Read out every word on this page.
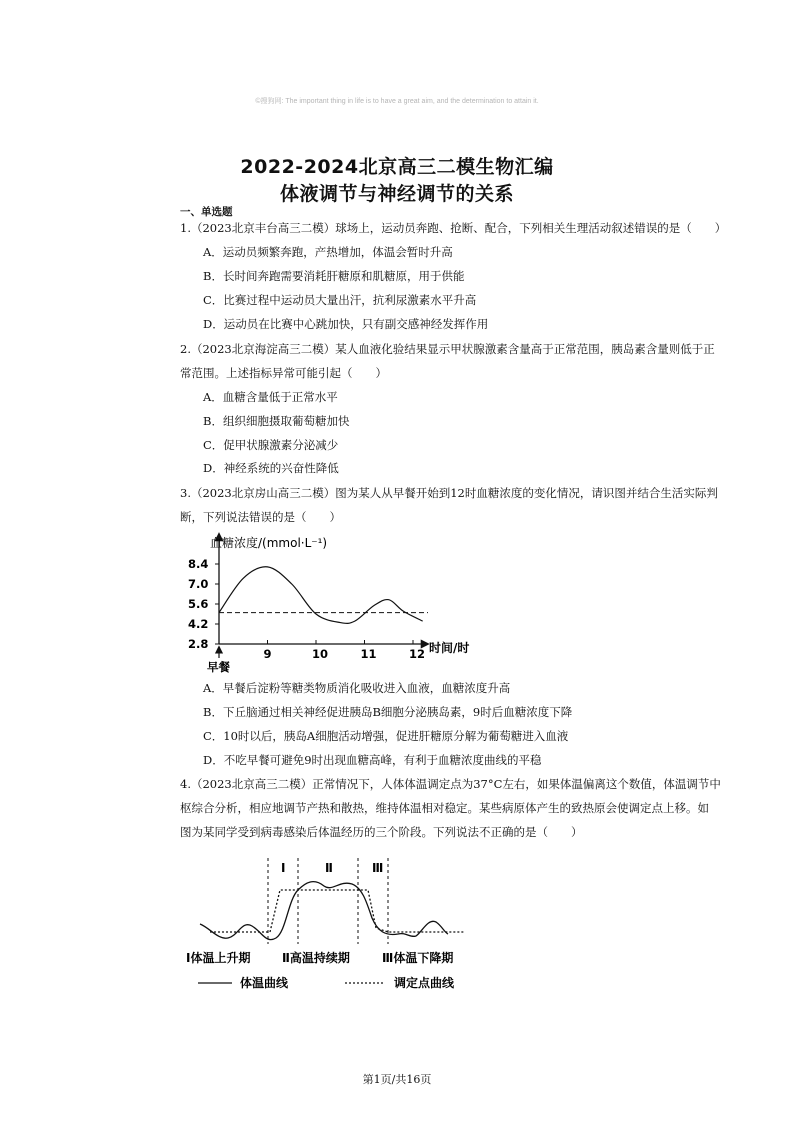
©搜狗网: The important thing in life is to have a great aim, and the determination to attain it.
2022-2024北京高三二模生物汇编
体液调节与神经调节的关系
一、单选题
1.（2023北京丰台高三二模）球场上，运动员奔跑、抢断、配合，下列相关生理活动叙述错误的是（　　）
A．运动员频繁奔跑，产热增加，体温会暂时升高
B．长时间奔跑需要消耗肝糖原和肌糖原，用于供能
C．比赛过程中运动员大量出汗，抗利尿激素水平升高
D．运动员在比赛中心跳加快，只有副交感神经发挥作用
2.（2023北京海淀高三二模）某人血液化验结果显示甲状腺激素含量高于正常范围，胰岛素含量则低于正
常范围。上述指标异常可能引起（　　）
A．血糖含量低于正常水平
B．组织细胞摄取葡萄糖加快
C．促甲状腺激素分泌减少
D．神经系统的兴奋性降低
3.（2023北京房山高三二模）图为某人从早餐开始到12时血糖浓度的变化情况，请识图并结合生活实际判
断，下列说法错误的是（　　）
血糖浓度/(mmol·L⁻¹)
时间/时
8.4
7.0
5.6
4.2
2.8
9	10	11	12
早餐
A．早餐后淀粉等糖类物质消化吸收进入血液，血糖浓度升高
B．下丘脑通过相关神经促进胰岛B细胞分泌胰岛素，9时后血糖浓度下降
C．10时以后，胰岛A细胞活动增强，促进肝糖原分解为葡萄糖进入血液
D．不吃早餐可避免9时出现血糖高峰，有利于血糖浓度曲线的平稳
4.（2023北京高三二模）正常情况下，人体体温调定点为37°C左右，如果体温偏离这个数值，体温调节中
枢综合分析，相应地调节产热和散热，维持体温相对稳定。某些病原体产生的致热原会使调定点上移。如
图为某同学受到病毒感染后体温经历的三个阶段。下列说法不正确的是（　　）
Ⅰ	Ⅱ	Ⅲ
Ⅰ体温上升期	Ⅱ高温持续期	Ⅲ体温下降期
体温曲线	调定点曲线
第1页/共16页
